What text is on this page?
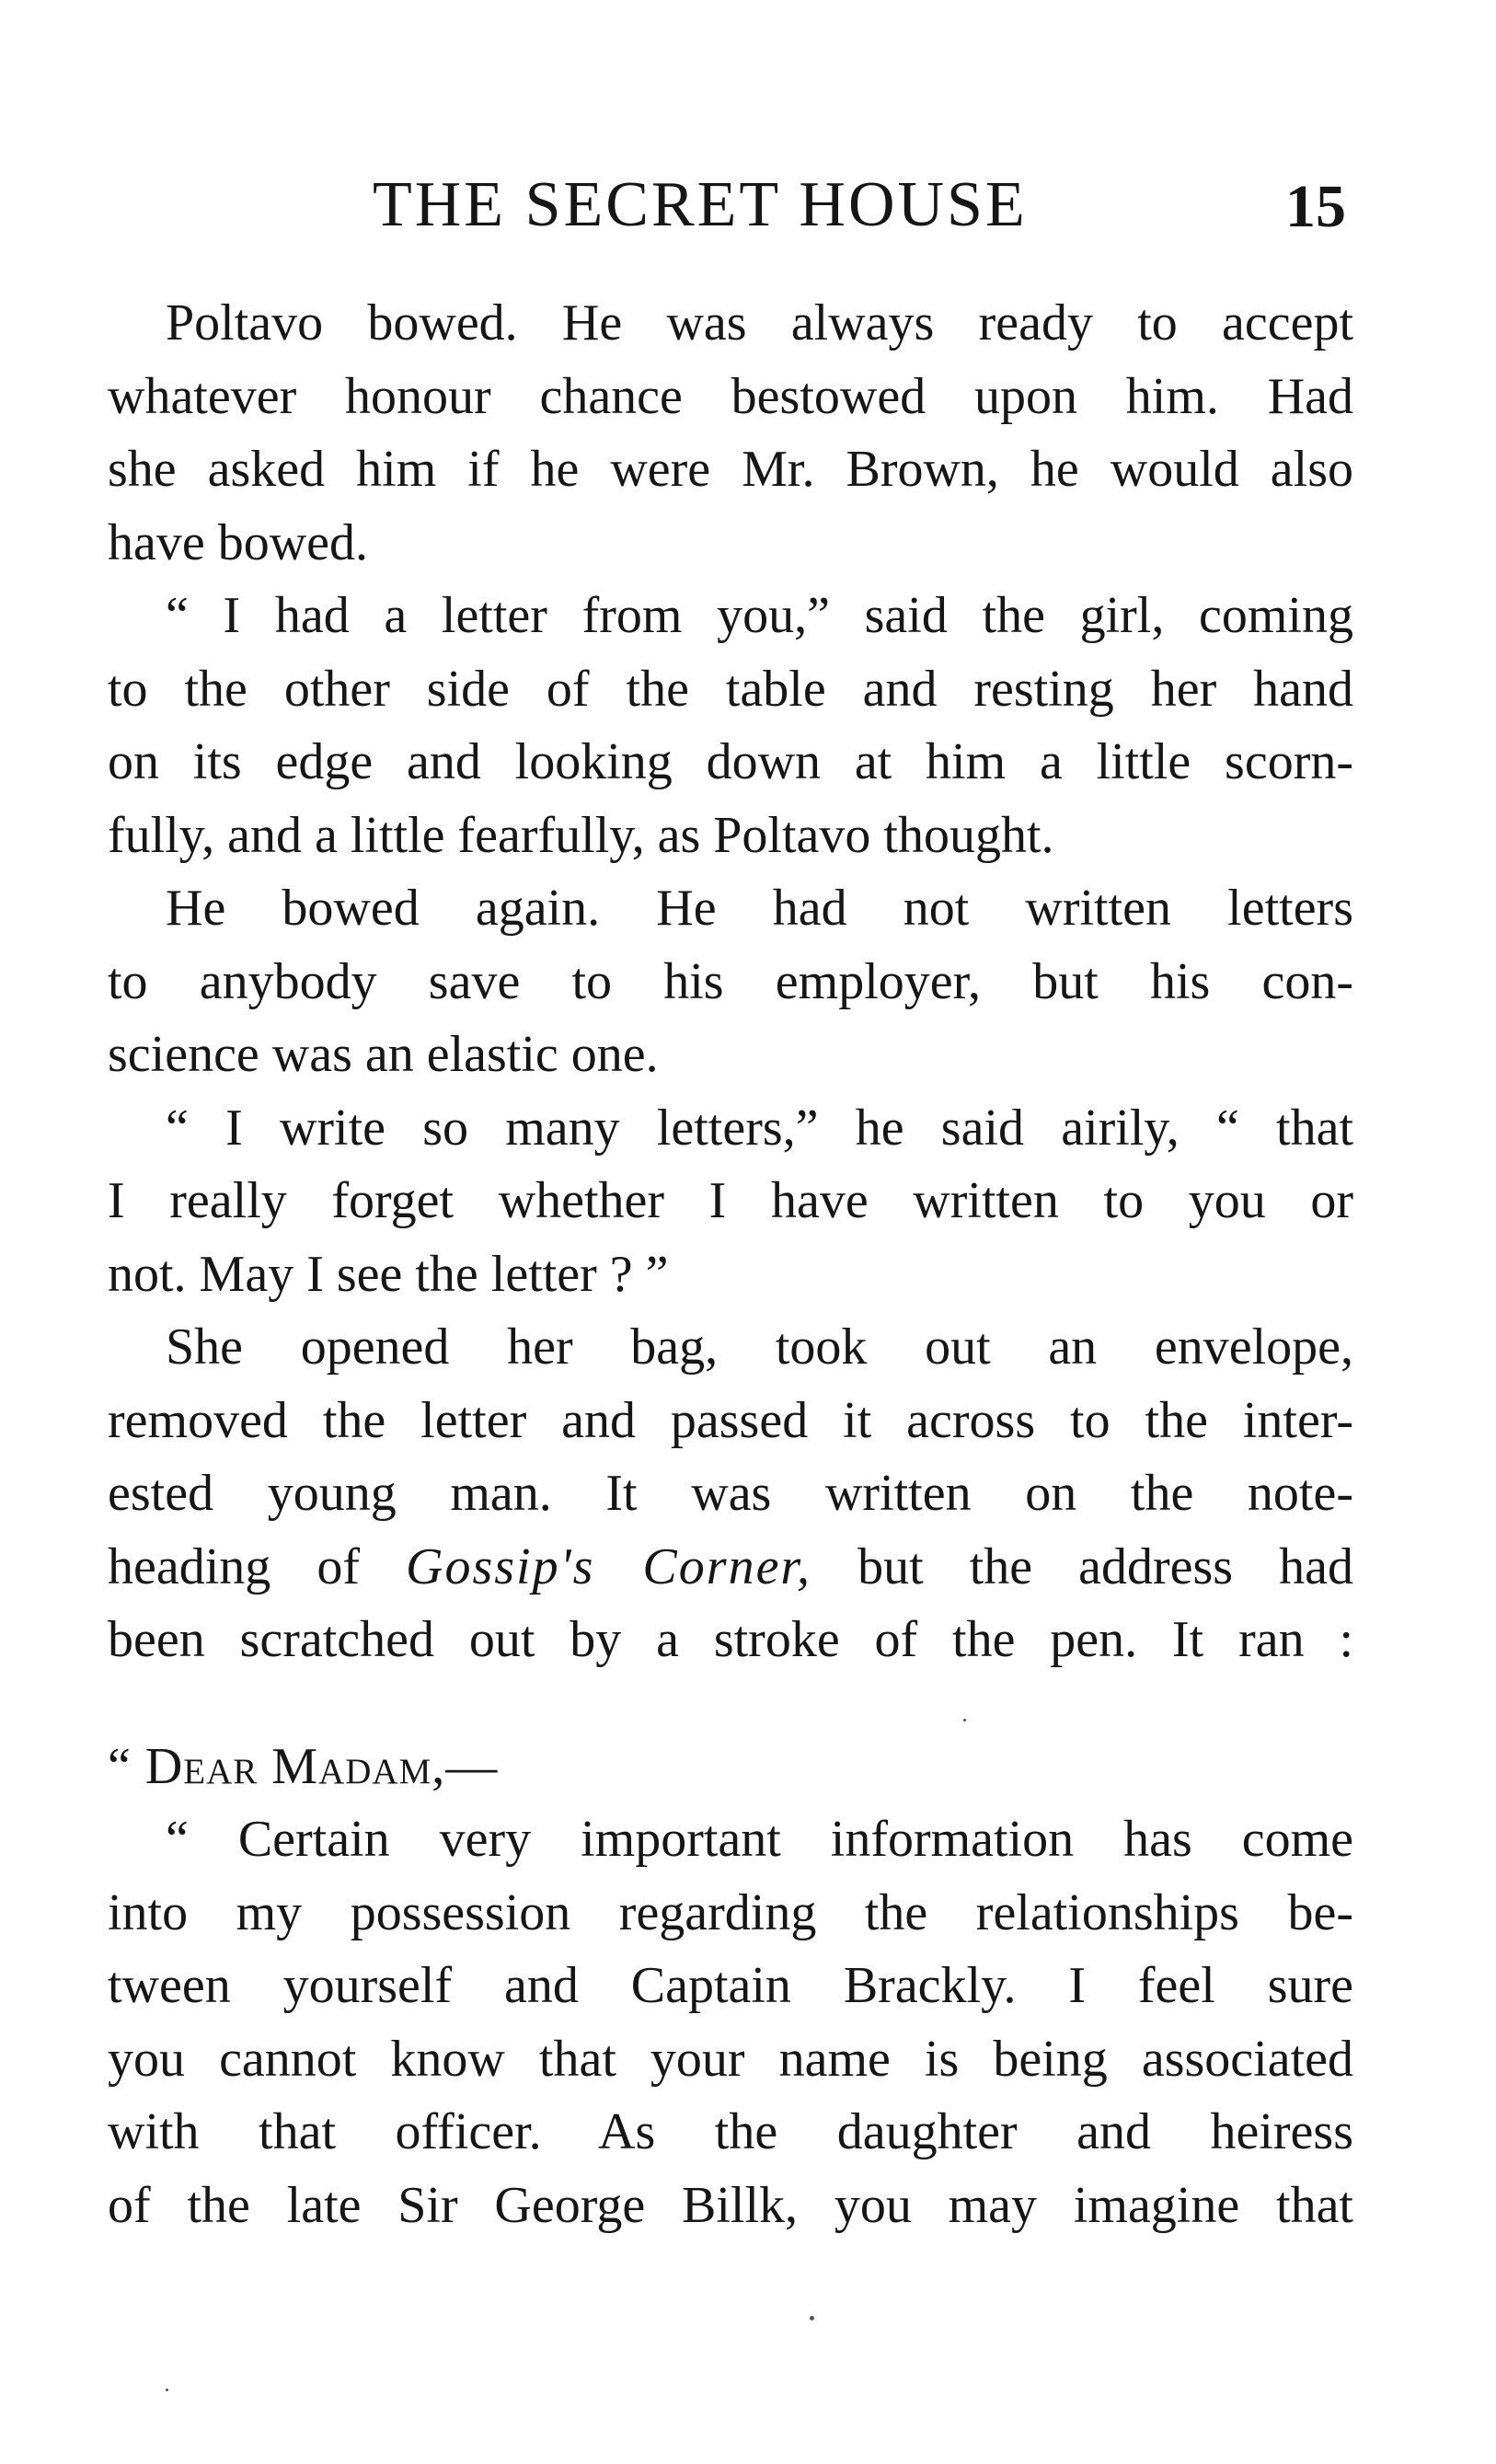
THE SECRET HOUSE	15
Poltavo bowed. He was always ready to accept
whatever honour chance bestowed upon him. Had
she asked him if he were Mr. Brown, he would also
have bowed.
“ I had a letter from you,” said the girl, coming
to the other side of the table and resting her hand
on its edge and looking down at him a little scorn-
fully, and a little fearfully, as Poltavo thought.
He bowed again. He had not written letters
to anybody save to his employer, but his con-
science was an elastic one.
“ I write so many letters,” he said airily, “ that
I really forget whether I have written to you or
not. May I see the letter ? ”
She opened her bag, took out an envelope,
removed the letter and passed it across to the inter-
ested young man. It was written on the note-
heading of Gossip's Corner, but the address had
been scratched out by a stroke of the pen. It ran :
“ Dear Madam,—
“ Certain very important information has come
into my possession regarding the relationships be-
tween yourself and Captain Brackly. I feel sure
you cannot know that your name is being associated
with that officer. As the daughter and heiress
of the late Sir George Billk, you may imagine that
